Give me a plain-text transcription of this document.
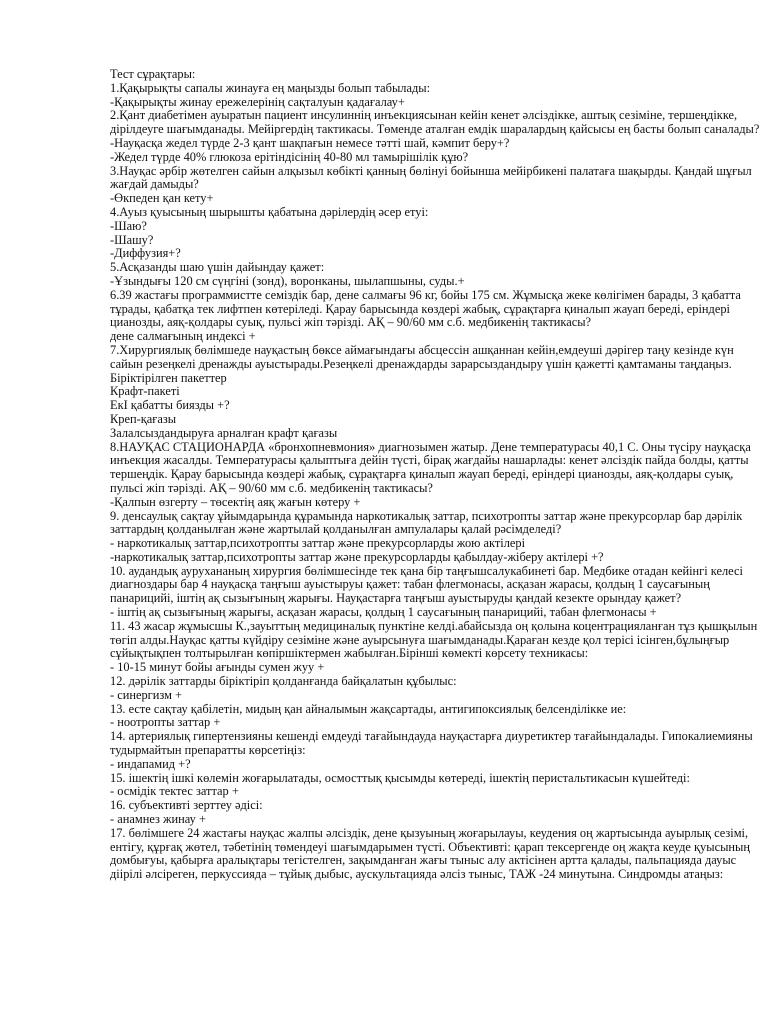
Тест сұрақтары:

1.Қақырықты сапалы жинауға ең маңызды болып табылады:

-Қақырықты жинау ережелерінің сақталуын қадағалау+

2.Қант диабетімен ауыратын пациент инсулиннің инъекциясынан кейін кенет әлсіздікке, аштық сезіміне, тершеңдікке, дірілдеуге шағымданады. Мейіргердің тактикасы. Төменде аталған емдік шаралардың қайсысы ең басты болып саналады?

-Науқасқа жедел түрде 2-3 қант шақпағын немесе тәтті шай, кәмпит беру+?

-Жедел түрде 40% глюкоза ерітіндісінің 40-80 мл тамырішілік құю?

3.Науқас әрбір жөтелген сайын алқызыл көбікті қанның бөлінуі бойынша мейірбикені палатаға шақырды. Қандай шұғыл жағдай дамыды?

-Өкпеден қан кету+

4.Ауыз қуысының шырышты қабатына дәрілердің әсер етуі:

-Шаю?

-Шашу?

-Диффузия+?

5.Асқазанды шаю үшін дайындау қажет:

-Ұзындығы 120 см сүңгіні (зонд), воронканы, шылапшыны, суды.+

6.39 жастағы программистте семіздік бар, дене салмағы 96 кг, бойы 175 см. Жұмысқа жеке көлігімен барады, 3 қабатта тұрады, қабатқа тек лифтпен көтеріледі. Қарау барысында көздері жабық, сұрақтарға қиналып жауап береді, еріндері цианозды, аяқ-қолдары суық, пульсі жіп тәрізді. АҚ – 90/60 мм с.б. медбикенің тактикасы?

дене салмағының индексі +

7.Хирургиялық бөлімшеде науқастың бөксе аймағындағы абсцессін ашқаннан кейін,емдеуші дәрігер таңу кезінде күн сайын резеңкелі дренажды ауыстырады.Резеңкелі дренаждарды зарарсыздандыру үшін қажетті қамтаманы таңдаңыз.

Біріктірілген пакеттер

Крафт-пакеті

ЕкІ қабатты биязды +?

Креп-қағазы

Залалсыздандыруға арналған крафт қағазы

8.НАУҚАС СТАЦИОНАРДА «бронхопневмония» диагнозымен жатыр. Дене температурасы 40,1 С. Оны түсіру науқасқа инъекция жасалды. Температурасы қалыптыға дейін түсті, бірақ жағдайы нашарлады: кенет әлсіздік пайда болды, қатты тершеңдік. Қарау барысында көздері жабық, сұрақтарға қиналып жауап береді, еріндері цианозды, аяқ-қолдары суық, пульсі жіп тәрізді. АҚ – 90/60 мм с.б. медбикенің тактикасы?

-Қалпын өзгерту – төсектің аяқ жағын көтеру +

9. денсаулық сақтау ұйымдарында құрамында наркотикалық заттар, психотропты заттар және прекурсорлар бар дәрілік заттардың қолданылған және жартылай қолданылған ампулалары қалай рәсімделеді?

- наркотикалық заттар,психотропты заттар және прекурсорларды жою актілері

-наркотикалық заттар,психотропты заттар және прекурсорларды қабылдау-жіберу актілері +?

10. аудандық аурухананың хирургия бөлімшесінде тек қана бір таңғышсалукабинеті бар. Медбике отадан кейінгі келесі диагноздары бар 4 науқасқа таңғыш ауыстыруы қажет: табан флегмонасы, асқазан жарасы, қолдың 1 саусағының панарицийі, іштің ақ сызығының жарығы. Науқастарға таңғыш ауыстыруды қандай кезекте орындау қажет?

- іштің ақ сызығының жарығы, асқазан жарасы, қолдың 1 саусағының панарицийі, табан флегмонасы +

11. 43 жасар жұмысшы К.,зауыттың медициналық пунктіне келді.абайсызда оң қолына коцентрацияланған тұз қышқылын төгіп алды.Науқас қатты күйдіру сезіміне және ауырсынуға шағымданады.Қараған кезде қол терісі ісінген,бұлыңғыр сұйықтықпен толтырылған көпіршіктермен жабылған.Бірінші көмекті көрсету техникасы:

- 10-15 минут бойы ағынды сумен жуу +

12. дәрілік заттарды біріктіріп қолданғанда байқалатын құбылыс:

- синергизм +

13. есте сақтау қабілетін, мидың қан айналымын жақсартады, антигипоксиялық белсенділікке ие:

- ноотропты заттар +

14. артериялық гипертензияны кешенді емдеуді тағайындауда науқастарға диуретиктер тағайындалады. Гипокалиемияны тудырмайтын препаратты көрсетіңіз:

- индапамид +?

15. ішектің ішкі көлемін жоғарылатады, осмосттық қысымды көтереді, ішектің перистальтикасын күшейтеді:

- осмідік тектес заттар +

16. субъективті зерттеу әдісі:

- анамнез жинау +

17. бөлімшеге 24 жастағы науқас жалпы әлсіздік, дене қызуының жоғарылауы, кеудения оң жартысында ауырлық сезімі, ентігу, құрғақ жөтел, тәбетінің төмендеуі шағымдарымен түсті. Объективті: қарап тексергенде оң жақта кеуде қуысының домбығуы, қабырға аралықтары тегістелген, зақымданған жағы тыныс алу актісінен артта қалады, пальпацияда дауыс діірілі әлсіреген, перкуссияда – тұйық дыбыс, аускультацияда әлсіз тыныс, ТАЖ -24 минутына. Синдромды атаңыз:
